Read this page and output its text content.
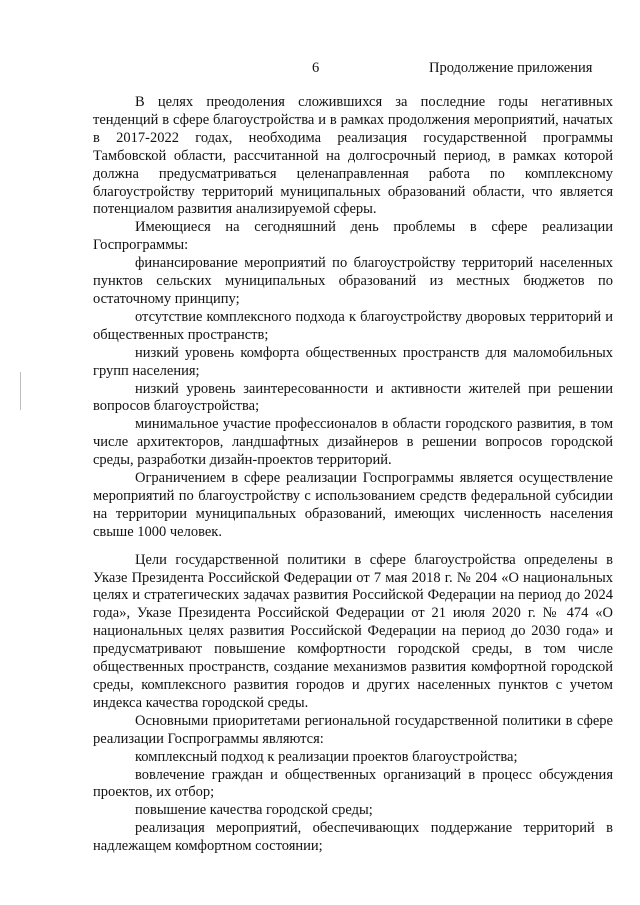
6	Продолжение приложения

В целях преодоления сложившихся за последние годы негативных тенденций в сфере благоустройства и в рамках продолжения мероприятий, начатых в 2017-2022 годах, необходима реализация государственной программы Тамбовской области, рассчитанной на долгосрочный период, в рамках которой должна предусматриваться целенаправленная работа по комплексному благоустройству территорий муниципальных образований области, что является потенциалом развития анализируемой сферы.

Имеющиеся на сегодняшний день проблемы в сфере реализации Госпрограммы:

финансирование мероприятий по благоустройству территорий населенных пунктов сельских муниципальных образований из местных бюджетов по остаточному принципу;

отсутствие комплексного подхода к благоустройству дворовых территорий и общественных пространств;

низкий уровень комфорта общественных пространств для маломобильных групп населения;

низкий уровень заинтересованности и активности жителей при решении вопросов благоустройства;

минимальное участие профессионалов в области городского развития, в том числе архитекторов, ландшафтных дизайнеров в решении вопросов городской среды, разработки дизайн-проектов территорий.

Ограничением в сфере реализации Госпрограммы является осуществление мероприятий по благоустройству с использованием средств федеральной субсидии на территории муниципальных образований, имеющих численность населения свыше 1000 человек.

Цели государственной политики в сфере благоустройства определены в Указе Президента Российской Федерации от 7 мая 2018 г. № 204 «О национальных целях и стратегических задачах развития Российской Федерации на период до 2024 года», Указе Президента Российской Федерации от 21 июля 2020 г. № 474 «О национальных целях развития Российской Федерации на период до 2030 года» и предусматривают повышение комфортности городской среды, в том числе общественных пространств, создание механизмов развития комфортной городской среды, комплексного развития городов и других населенных пунктов с учетом индекса качества городской среды.

Основными приоритетами региональной государственной политики в сфере реализации Госпрограммы являются:

комплексный подход к реализации проектов благоустройства;

вовлечение граждан и общественных организаций в процесс обсуждения проектов, их отбор;

повышение качества городской среды;

реализация мероприятий, обеспечивающих поддержание территорий в надлежащем комфортном состоянии;
